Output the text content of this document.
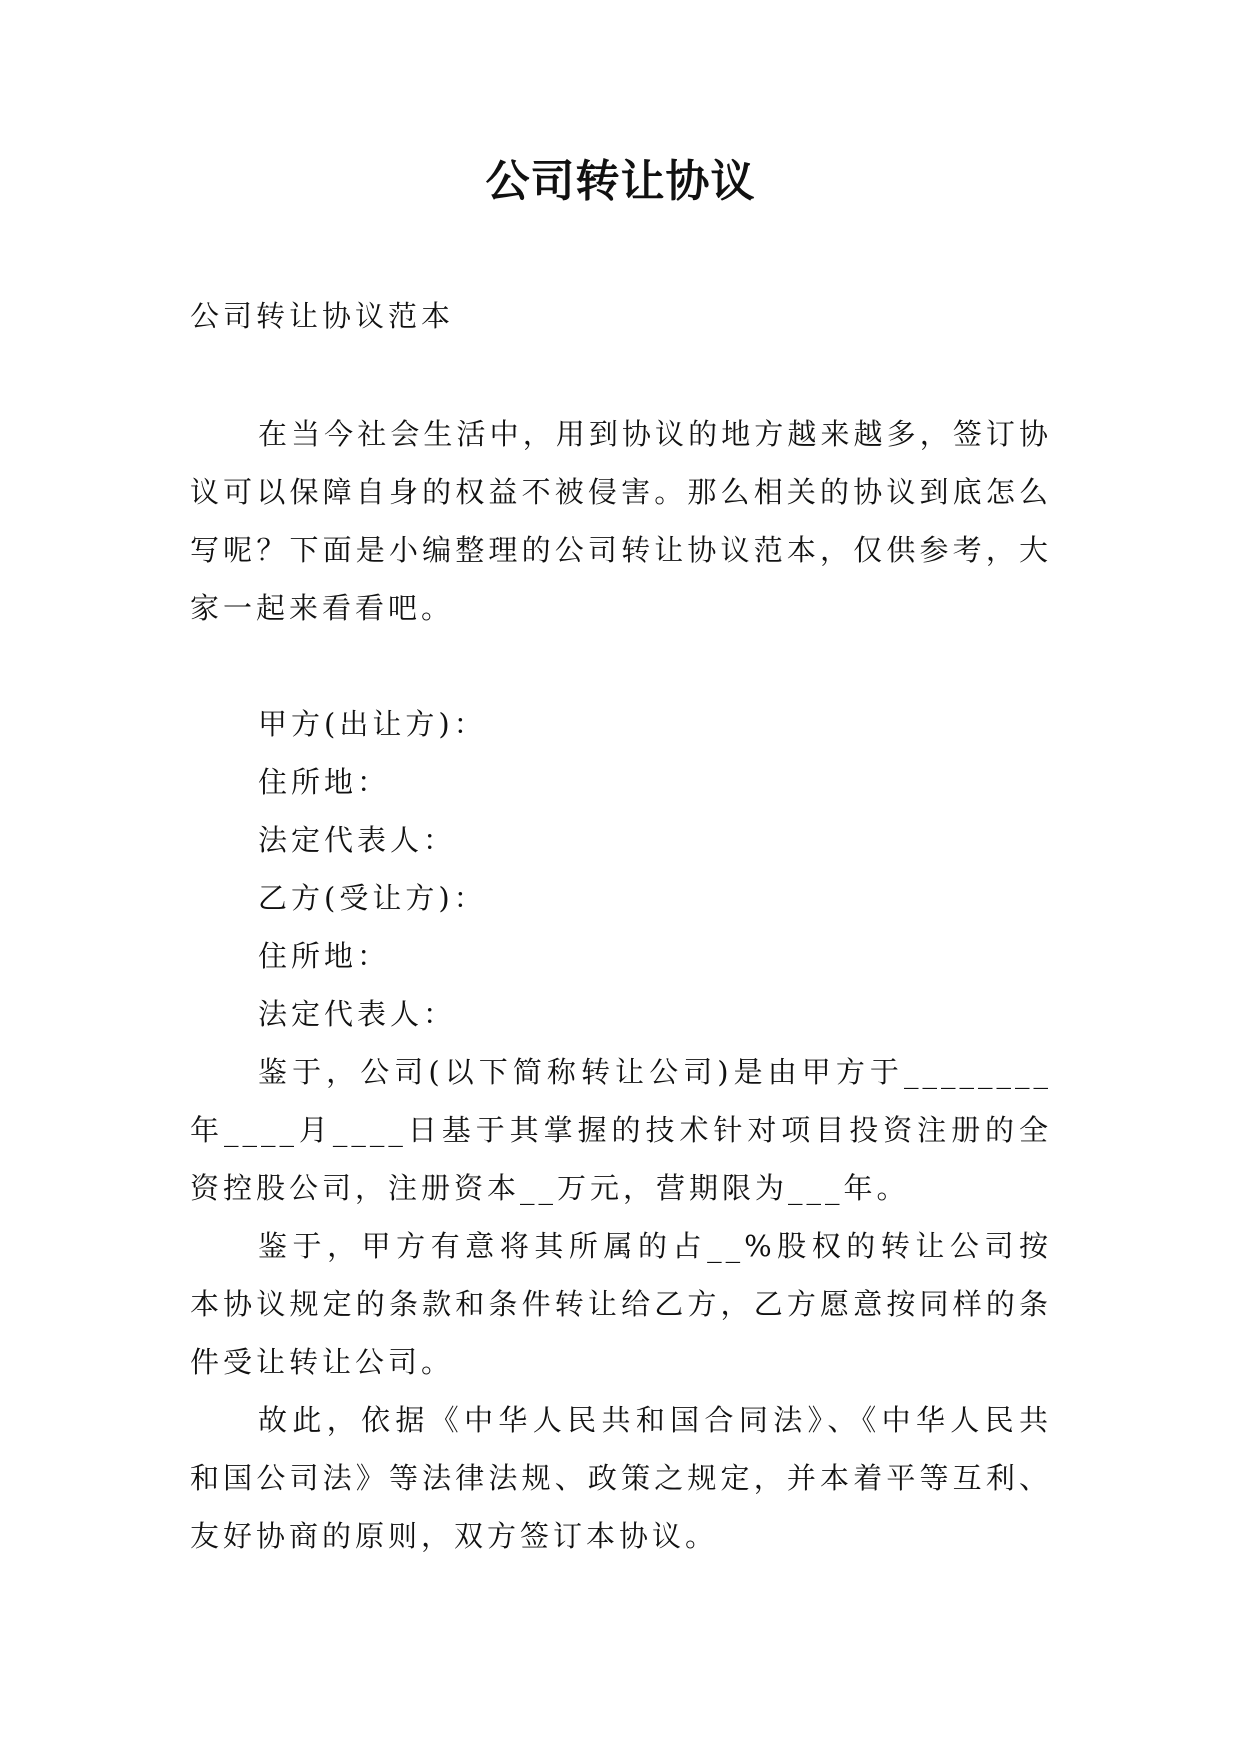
公司转让协议

公司转让协议范本

在当今社会生活中，用到协议的地方越来越多，签订协议可以保障自身的权益不被侵害。那么相关的协议到底怎么写呢？下面是小编整理的公司转让协议范本，仅供参考，大家一起来看看吧。

甲方(出让方)：
住所地：
法定代表人：
乙方(受让方)：
住所地：
法定代表人：

鉴于，公司(以下简称转让公司)是由甲方于________年____月____日基于其掌握的技术针对项目投资注册的全资控股公司，注册资本__万元，营期限为___年。

鉴于，甲方有意将其所属的占__%股权的转让公司按本协议规定的条款和条件转让给乙方，乙方愿意按同样的条件受让转让公司。

故此，依据《中华人民共和国合同法》、《中华人民共和国公司法》等法律法规、政策之规定，并本着平等互利、友好协商的原则，双方签订本协议。
